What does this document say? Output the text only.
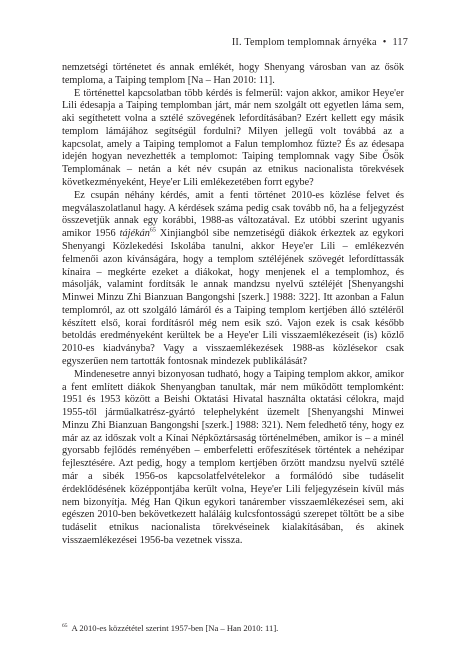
II. Templom templomnak árnyéka • 117

nemzetségi történetet és annak emlékét, hogy Shenyang városban van az ősök temploma, a Taiping templom [Na – Han 2010: 11].

E történettel kapcsolatban több kérdés is felmerül: vajon akkor, amikor Heye'er Lili édesapja a Taiping templomban járt, már nem szolgált ott egyetlen láma sem, aki segíthetett volna a sztélé szövegének lefordításában? Ezért kellett egy másik templom lámájához segítségül fordulni? Milyen jellegű volt továbbá az a kapcsolat, amely a Taiping templomot a Falun templomhoz fűzte? És az édesapa idején hogyan nevezhették a templomot: Taiping templomnak vagy Sibe Ősök Templomának – netán a két név csupán az etnikus nacionalista törekvések következményeként, Heye'er Lili emlékezetében forrt egybe?

Ez csupán néhány kérdés, amit a fenti történet 2010-es közlése felvet és megválaszolatlanul hagy. A kérdések száma pedig csak tovább nő, ha a feljegyzést összevetjük annak egy korábbi, 1988-as változatával. Ez utóbbi szerint ugyanis amikor 1956 tájékán$^{65}$ Xinjiangból sibe nemzetiségű diákok érkeztek az egykori Shenyangi Közlekedési Iskolába tanulni, akkor Heye'er Lili – emlékezvén felmenői azon kívánságára, hogy a templom sztéléjének szövegét lefordíttassák kínaira – megkérte ezeket a diákokat, hogy menjenek el a templomhoz, és másolják, valamint fordítsák le annak mandzsu nyelvű sztéléjét [Shenyangshi Minwei Minzu Zhi Bianzuan Bangongshi [szerk.] 1988: 322]. Itt azonban a Falun templomról, az ott szolgáló lámáról és a Taiping templom kertjében álló sztéléről készített első, korai fordításról még nem esik szó. Vajon ezek is csak később betoldás eredményeként kerültek be a Heye'er Lili visszaemlékezéseit (is) közlő 2010-es kiadványba? Vagy a visszaemlékezések 1988-as közlésekor csak egyszerűen nem tartották fontosnak mindezek publikálását?

Mindenesetre annyi bizonyosan tudható, hogy a Taiping templom akkor, amikor a fent említett diákok Shenyangban tanultak, már nem működött templomként: 1951 és 1953 között a Beishi Oktatási Hivatal használta oktatási célokra, majd 1955-től járműalkatrész-gyártó telephelyként üzemelt [Shenyangshi Minwei Minzu Zhi Bianzuan Bangongshi [szerk.] 1988: 321). Nem feledhető tény, hogy ez már az az időszak volt a Kínai Népköztársaság történelmében, amikor is – a minél gyorsabb fejlődés reményében – emberfeletti erőfeszítések történtek a nehézipar fejlesztésére. Azt pedig, hogy a templom kertjében őrzött mandzsu nyelvű sztélé már a sibék 1956-os kapcsolatfelvételekor a formálódó sibe tudáselit érdeklődésének középpontjába került volna, Heye'er Lili feljegyzésein kívül más nem bizonyítja. Még Han Qikun egykori tanárember visszaemlékezései sem, aki egészen 2010-ben bekövetkezett haláláig kulcsfontosságú szerepet töltött be a sibe tudáselit etnikus nacionalista törekvéseinek kialakításában, és akinek visszaemlékezései 1956-ba vezetnek vissza.

$^{65}$ A 2010-es közzététel szerint 1957-ben [Na – Han 2010: 11].
